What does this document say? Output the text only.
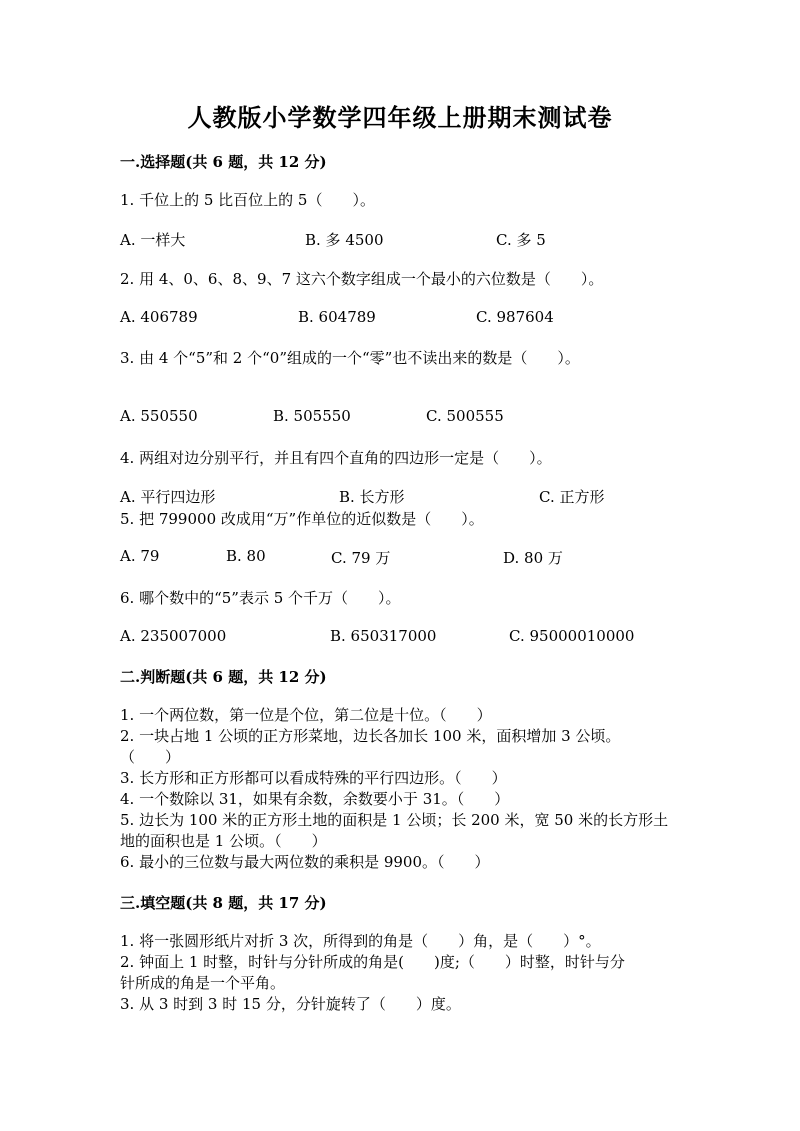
人教版小学数学四年级上册期末测试卷
一.选择题(共 6 题，共 12 分)
1. 千位上的 5 比百位上的 5（　　）。
A. 一样大	B. 多 4500	C. 多 5
2. 用 4、0、6、8、9、7 这六个数字组成一个最小的六位数是（　　）。
A. 406789	B. 604789	C. 987604
3. 由 4 个“5”和 2 个“0”组成的一个“零”也不读出来的数是（　　）。
A. 550550	B. 505550	C. 500555
4. 两组对边分别平行，并且有四个直角的四边形一定是（　　）。
A. 平行四边形	B. 长方形	C. 正方形
5. 把 799000 改成用“万”作单位的近似数是（　　）。
A. 79	B. 80	C. 79 万	D. 80 万
6. 哪个数中的“5”表示 5 个千万（　　）。
A. 235007000	B. 650317000	C. 95000010000
二.判断题(共 6 题，共 12 分)
1. 一个两位数，第一位是个位，第二位是十位。（　　）
2. 一块占地 1 公顷的正方形菜地，边长各加长 100 米，面积增加 3 公顷。
（　　）
3. 长方形和正方形都可以看成特殊的平行四边形。（　　）
4. 一个数除以 31，如果有余数，余数要小于 31。（　　）
5. 边长为 100 米的正方形土地的面积是 1 公顷；长 200 米，宽 50 米的长方形土
地的面积也是 1 公顷。（　　）
6. 最小的三位数与最大两位数的乘积是 9900。（　　）
三.填空题(共 8 题，共 17 分)
1. 将一张圆形纸片对折 3 次，所得到的角是（　　）角，是（　　）°。
2. 钟面上 1 时整，时针与分针所成的角是(　　)度;（　　）时整，时针与分
针所成的角是一个平角。
3. 从 3 时到 3 时 15 分，分针旋转了（　　）度。
